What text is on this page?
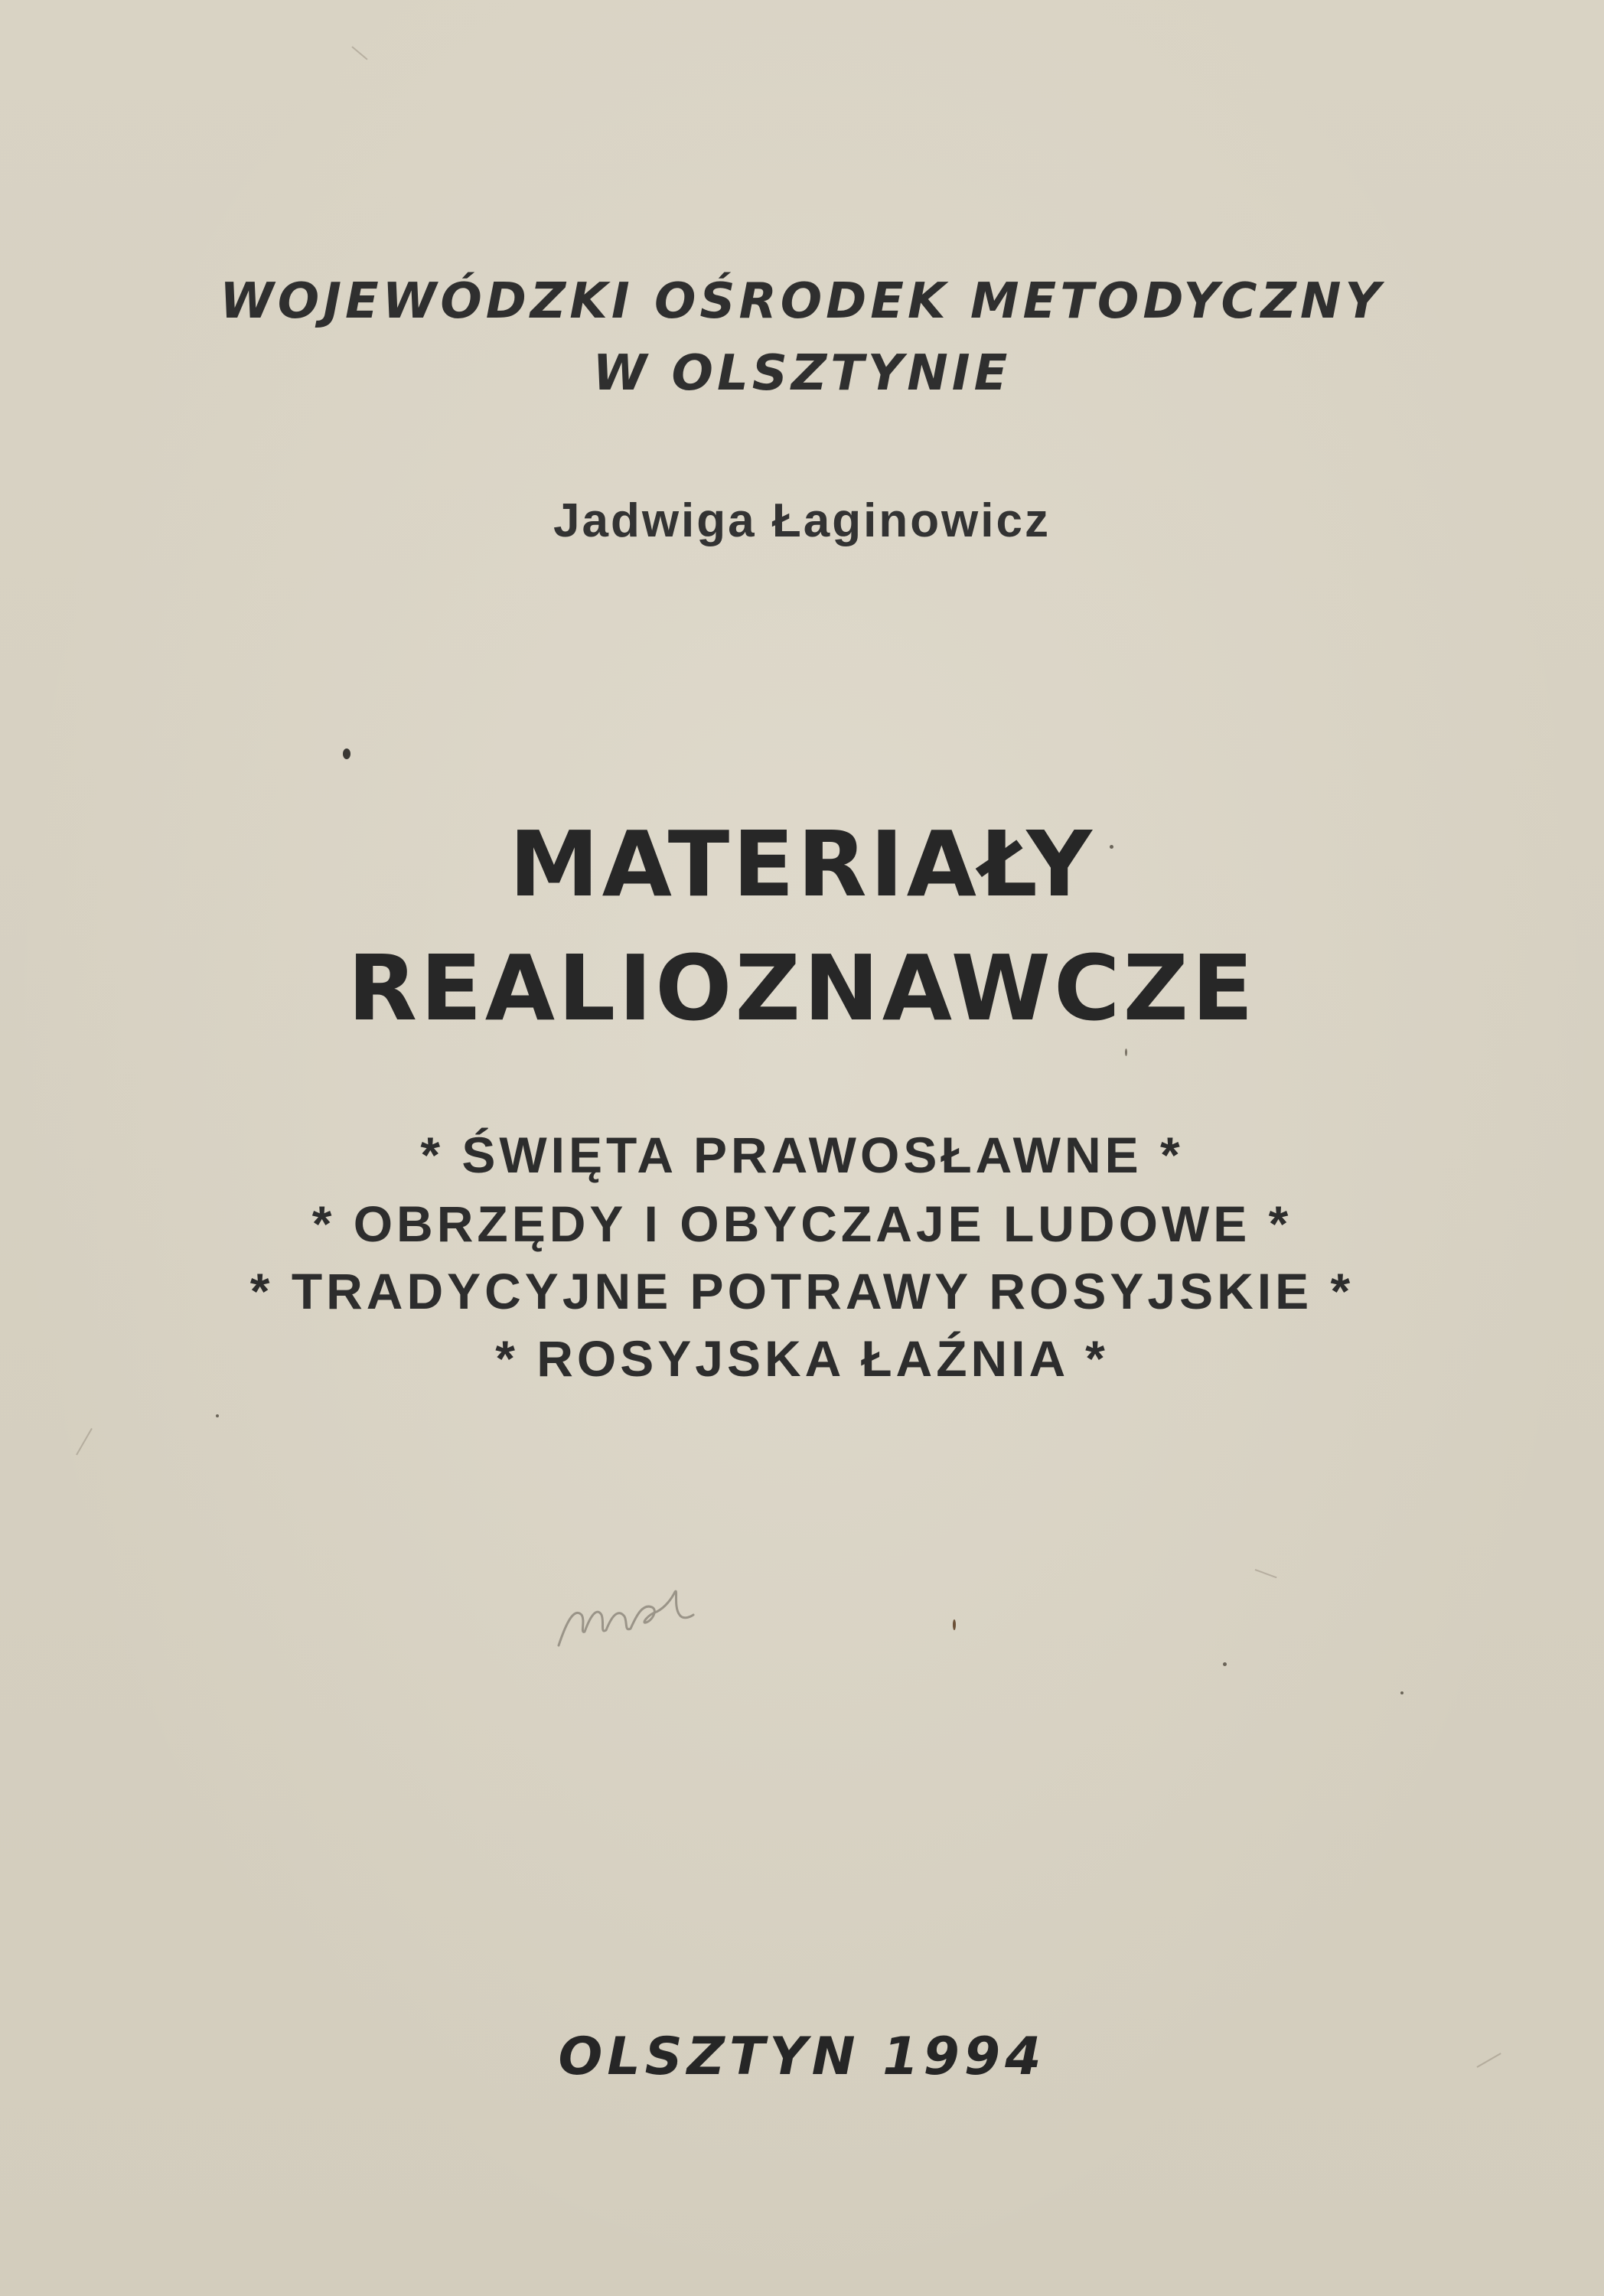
WOJEWÓDZKI OŚRODEK METODYCZNY
W OLSZTYNIE
Jadwiga Łaginowicz
MATERIAŁY
REALIOZNAWCZE
* ŚWIĘTA PRAWOSŁAWNE *
* OBRZĘDY I OBYCZAJE LUDOWE *
* TRADYCYJNE POTRAWY ROSYJSKIE *
* ROSYJSKA ŁAŹNIA *
OLSZTYN 1994
